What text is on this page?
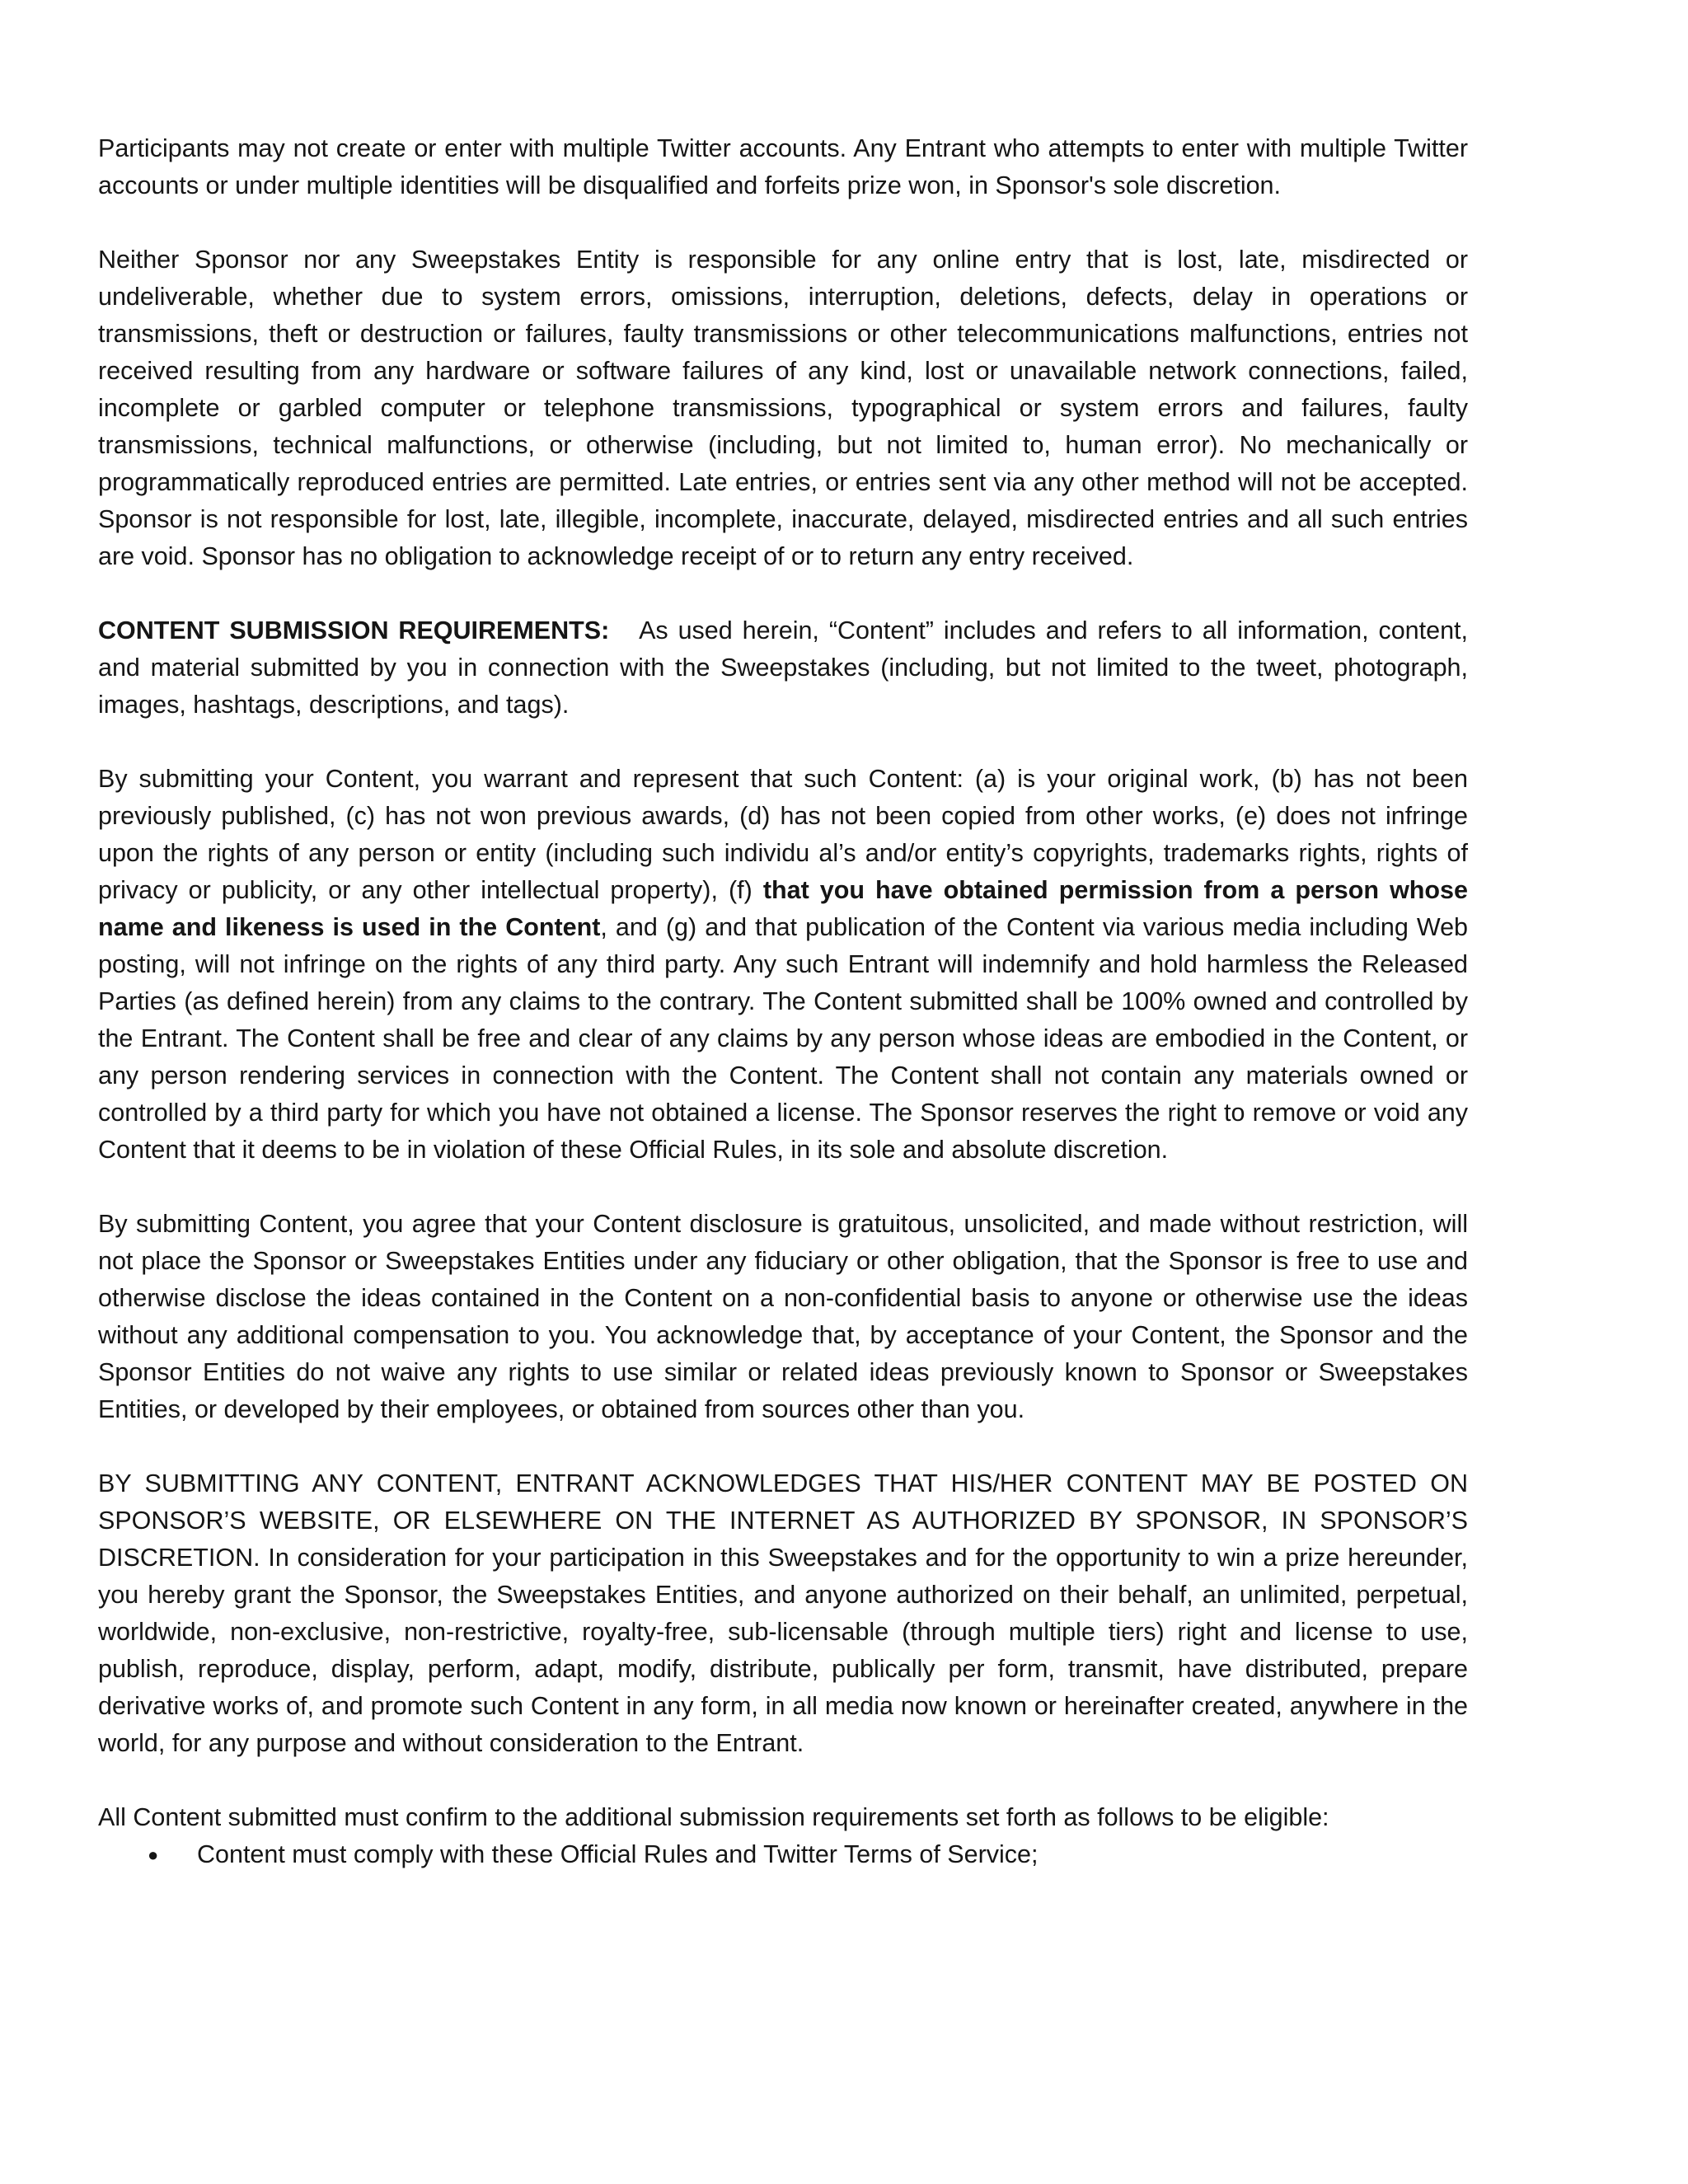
Participants may not create or enter with multiple Twitter accounts. Any Entrant who attempts to enter with multiple Twitter accounts or under multiple identities will be disqualified and forfeits prize won, in Sponsor's sole discretion.

Neither Sponsor nor any Sweepstakes Entity is responsible for any online entry that is lost, late, misdirected or undeliverable, whether due to system errors, omissions, interruption, deletions, defects, delay in operations or transmissions, theft or destruction or failures, faulty transmissions or other telecommunications malfunctions, entries not received resulting from any hardware or software failures of any kind, lost or unavailable network connections, failed, incomplete or garbled computer or telephone transmissions, typographical or system errors and failures, faulty transmissions, technical malfunctions, or otherwise (including, but not limited to, human error). No mechanically or programmatically reproduced entries are permitted. Late entries, or entries sent via any other method will not be accepted. Sponsor is not responsible for lost, late, illegible, incomplete, inaccurate, delayed, misdirected entries and all such entries are void. Sponsor has no obligation to acknowledge receipt of or to return any entry received.

CONTENT SUBMISSION REQUIREMENTS: As used herein, “Content” includes and refers to all information, content, and material submitted by you in connection with the Sweepstakes (including, but not limited to the tweet, photograph, images, hashtags, descriptions, and tags).

By submitting your Content, you warrant and represent that such Content: (a) is your original work, (b) has not been previously published, (c) has not won previous awards, (d) has not been copied from other works, (e) does not infringe upon the rights of any person or entity (including such individu al’s and/or entity’s copyrights, trademarks rights, rights of privacy or publicity, or any other intellectual property), (f) that you have obtained permission from a person whose name and likeness is used in the Content, and (g) and that publication of the Content via various media including Web posting, will not infringe on the rights of any third party. Any such Entrant will indemnify and hold harmless the Released Parties (as defined herein) from any claims to the contrary. The Content submitted shall be 100% owned and controlled by the Entrant. The Content shall be free and clear of any claims by any person whose ideas are embodied in the Content, or any person rendering services in connection with the Content. The Content shall not contain any materials owned or controlled by a third party for which you have not obtained a license. The Sponsor reserves the right to remove or void any Content that it deems to be in violation of these Official Rules, in its sole and absolute discretion.

By submitting Content, you agree that your Content disclosure is gratuitous, unsolicited, and made without restriction, will not place the Sponsor or Sweepstakes Entities under any fiduciary or other obligation, that the Sponsor is free to use and otherwise disclose the ideas contained in the Content on a non-confidential basis to anyone or otherwise use the ideas without any additional compensation to you. You acknowledge that, by acceptance of your Content, the Sponsor and the Sponsor Entities do not waive any rights to use similar or related ideas previously known to Sponsor or Sweepstakes Entities, or developed by their employees, or obtained from sources other than you.

BY SUBMITTING ANY CONTENT, ENTRANT ACKNOWLEDGES THAT HIS/HER CONTENT MAY BE POSTED ON SPONSOR’S WEBSITE, OR ELSEWHERE ON THE INTERNET AS AUTHORIZED BY SPONSOR, IN SPONSOR’S DISCRETION. In consideration for your participation in this Sweepstakes and for the opportunity to win a prize hereunder, you hereby grant the Sponsor, the Sweepstakes Entities, and anyone authorized on their behalf, an unlimited, perpetual, worldwide, non-exclusive, non-restrictive, royalty-free, sub-licensable (through multiple tiers) right and license to use, publish, reproduce, display, perform, adapt, modify, distribute, publically per form, transmit, have distributed, prepare derivative works of, and promote such Content in any form, in all media now known or hereinafter created, anywhere in the world, for any purpose and without consideration to the Entrant.

All Content submitted must confirm to the additional submission requirements set forth as follows to be eligible:

● Content must comply with these Official Rules and Twitter Terms of Service;
